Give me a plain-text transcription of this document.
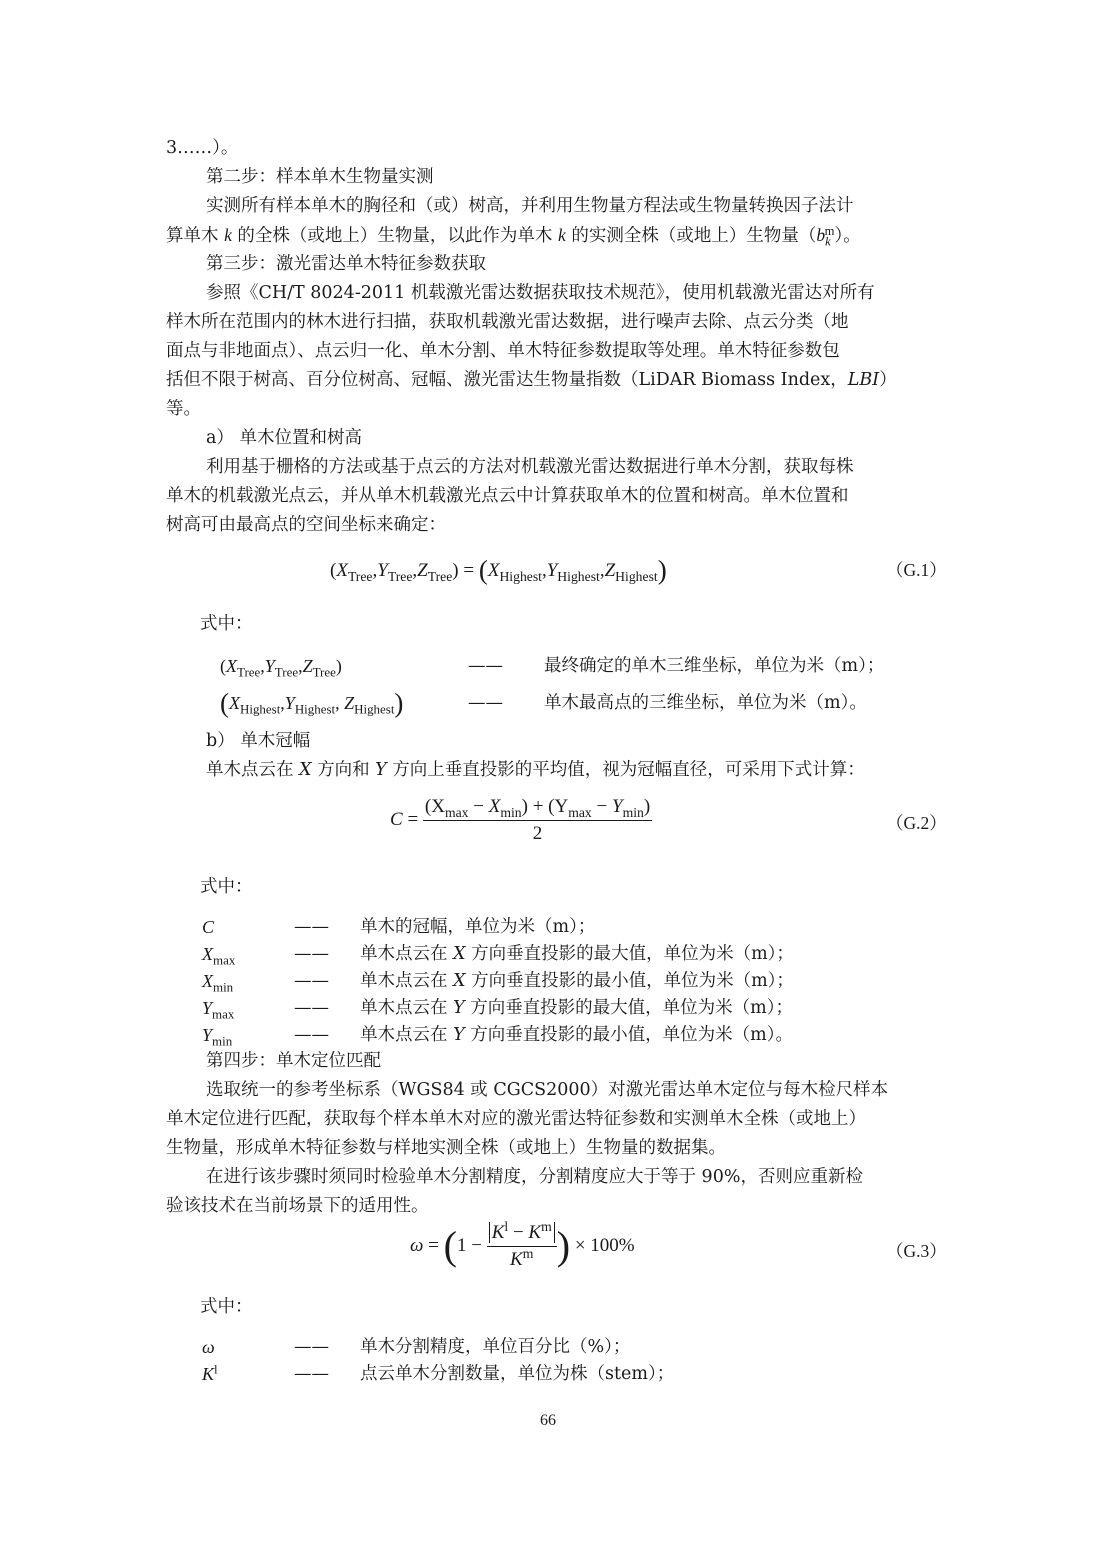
3……）。
第二步：样本单木生物量实测
实测所有样本单木的胸径和（或）树高，并利用生物量方程法或生物量转换因子法计
算单木 k 的全株（或地上）生物量，以此作为单木 k 的实测全株（或地上）生物量$(b_k^m)$。
第三步：激光雷达单木特征参数获取
参照《CH/T 8024-2011 机载激光雷达数据获取技术规范》，使用机载激光雷达对所有
样木所在范围内的林木进行扫描，获取机载激光雷达数据，进行噪声去除、点云分类（地
面点与非地面点）、点云归一化、单木分割、单木特征参数提取等处理。单木特征参数包
括但不限于树高、百分位树高、冠幅、激光雷达生物量指数（LiDAR Biomass Index，LBI）
等。
a） 单木位置和树高
利用基于栅格的方法或基于点云的方法对机载激光雷达数据进行单木分割，获取每株
单木的机载激光点云，并从单木机载激光点云中计算获取单木的位置和树高。单木位置和
树高可由最高点的空间坐标来确定：
$(X_{Tree},Y_{Tree},Z_{Tree}) = (X_{Highest},Y_{Highest},Z_{Highest})$	（G.1）
式中：
$(X_{Tree},Y_{Tree},Z_{Tree})$	—— 最终确定的单木三维坐标，单位为米（m）；
($X_{Highest},Y_{Highest}$, $Z_{Highest}$)	—— 单木最高点的三维坐标，单位为米（m）。
b） 单木冠幅
单木点云在 X 方向和 Y 方向上垂直投影的平均值，视为冠幅直径，可采用下式计算：
$C = \frac{(X_{max} - X_{min}) + (Y_{max} - Y_{min})}{2}$	（G.2）
式中：
C	—— 单木的冠幅，单位为米（m）；
$X_{max}$	—— 单木点云在 X 方向垂直投影的最大值，单位为米（m）；
$X_{min}$	—— 单木点云在 X 方向垂直投影的最小值，单位为米（m）；
$Y_{max}$	—— 单木点云在 Y 方向垂直投影的最大值，单位为米（m）；
$Y_{min}$	—— 单木点云在 Y 方向垂直投影的最小值，单位为米（m）。
第四步：单木定位匹配
选取统一的参考坐标系（WGS84 或 CGCS2000）对激光雷达单木定位与每木检尺样本
单木定位进行匹配，获取每个样本单木对应的激光雷达特征参数和实测单木全株（或地上）
生物量，形成单木特征参数与样地实测全株（或地上）生物量的数据集。
在进行该步骤时须同时检验单木分割精度，分割精度应大于等于 90%，否则应重新检
验该技术在当前场景下的适用性。
$\omega = (1 - \frac{K^l - K^m}{K^m}$ ) × 100%	（G.3）
式中：
ω	—— 单木分割精度，单位百分比（%）；
$K^l$	—— 点云单木分割数量，单位为株（stem）；
66
